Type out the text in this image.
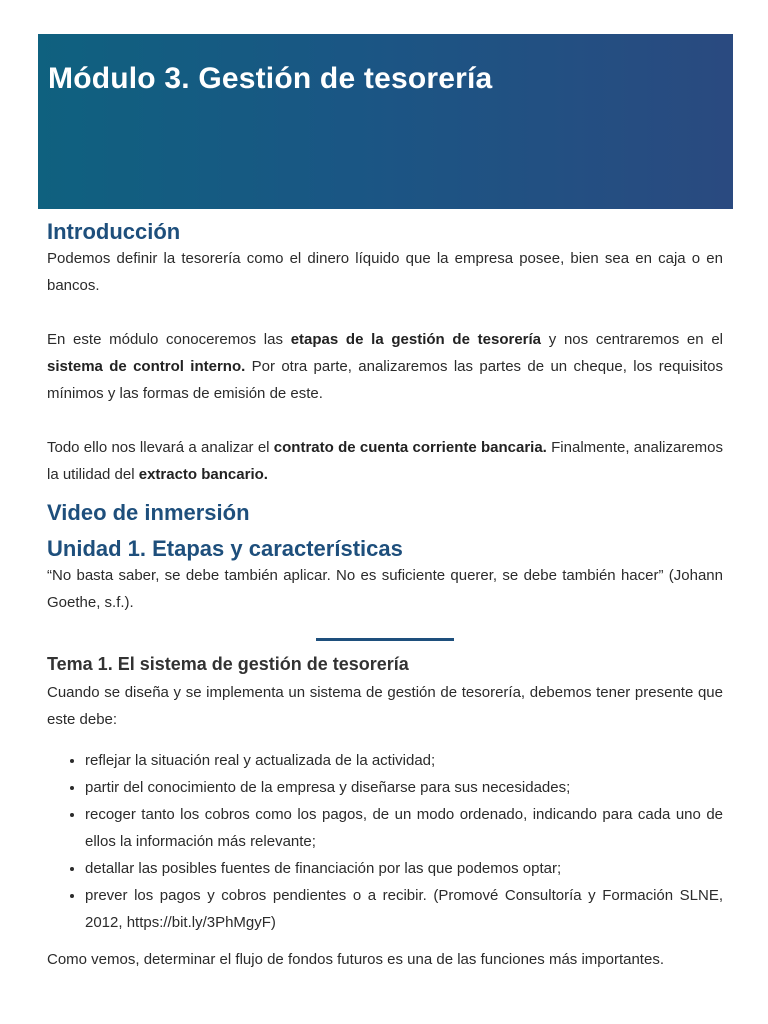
Módulo 3. Gestión de tesorería
Introducción

Podemos definir la tesorería como el dinero líquido que la empresa posee, bien sea en caja o en bancos.

En este módulo conoceremos las etapas de la gestión de tesorería y nos centraremos en el sistema de control interno. Por otra parte, analizaremos las partes de un cheque, los requisitos mínimos y las formas de emisión de este.

Todo ello nos llevará a analizar el contrato de cuenta corriente bancaria. Finalmente, analizaremos la utilidad del extracto bancario.

Video de inmersión
Unidad 1. Etapas y características

“No basta saber, se debe también aplicar. No es suficiente querer, se debe también hacer” (Johann Goethe, s.f.).

Tema 1. El sistema de gestión de tesorería

Cuando se diseña y se implementa un sistema de gestión de tesorería, debemos tener presente que este debe:

• reflejar la situación real y actualizada de la actividad;
• partir del conocimiento de la empresa y diseñarse para sus necesidades;
• recoger tanto los cobros como los pagos, de un modo ordenado, indicando para cada uno de ellos la información más relevante;
• detallar las posibles fuentes de financiación por las que podemos optar;
• prever los pagos y cobros pendientes o a recibir. (Promové Consultoría y Formación SLNE, 2012, https://bit.ly/3PhMgyF)

Como vemos, determinar el flujo de fondos futuros es una de las funciones más importantes.
